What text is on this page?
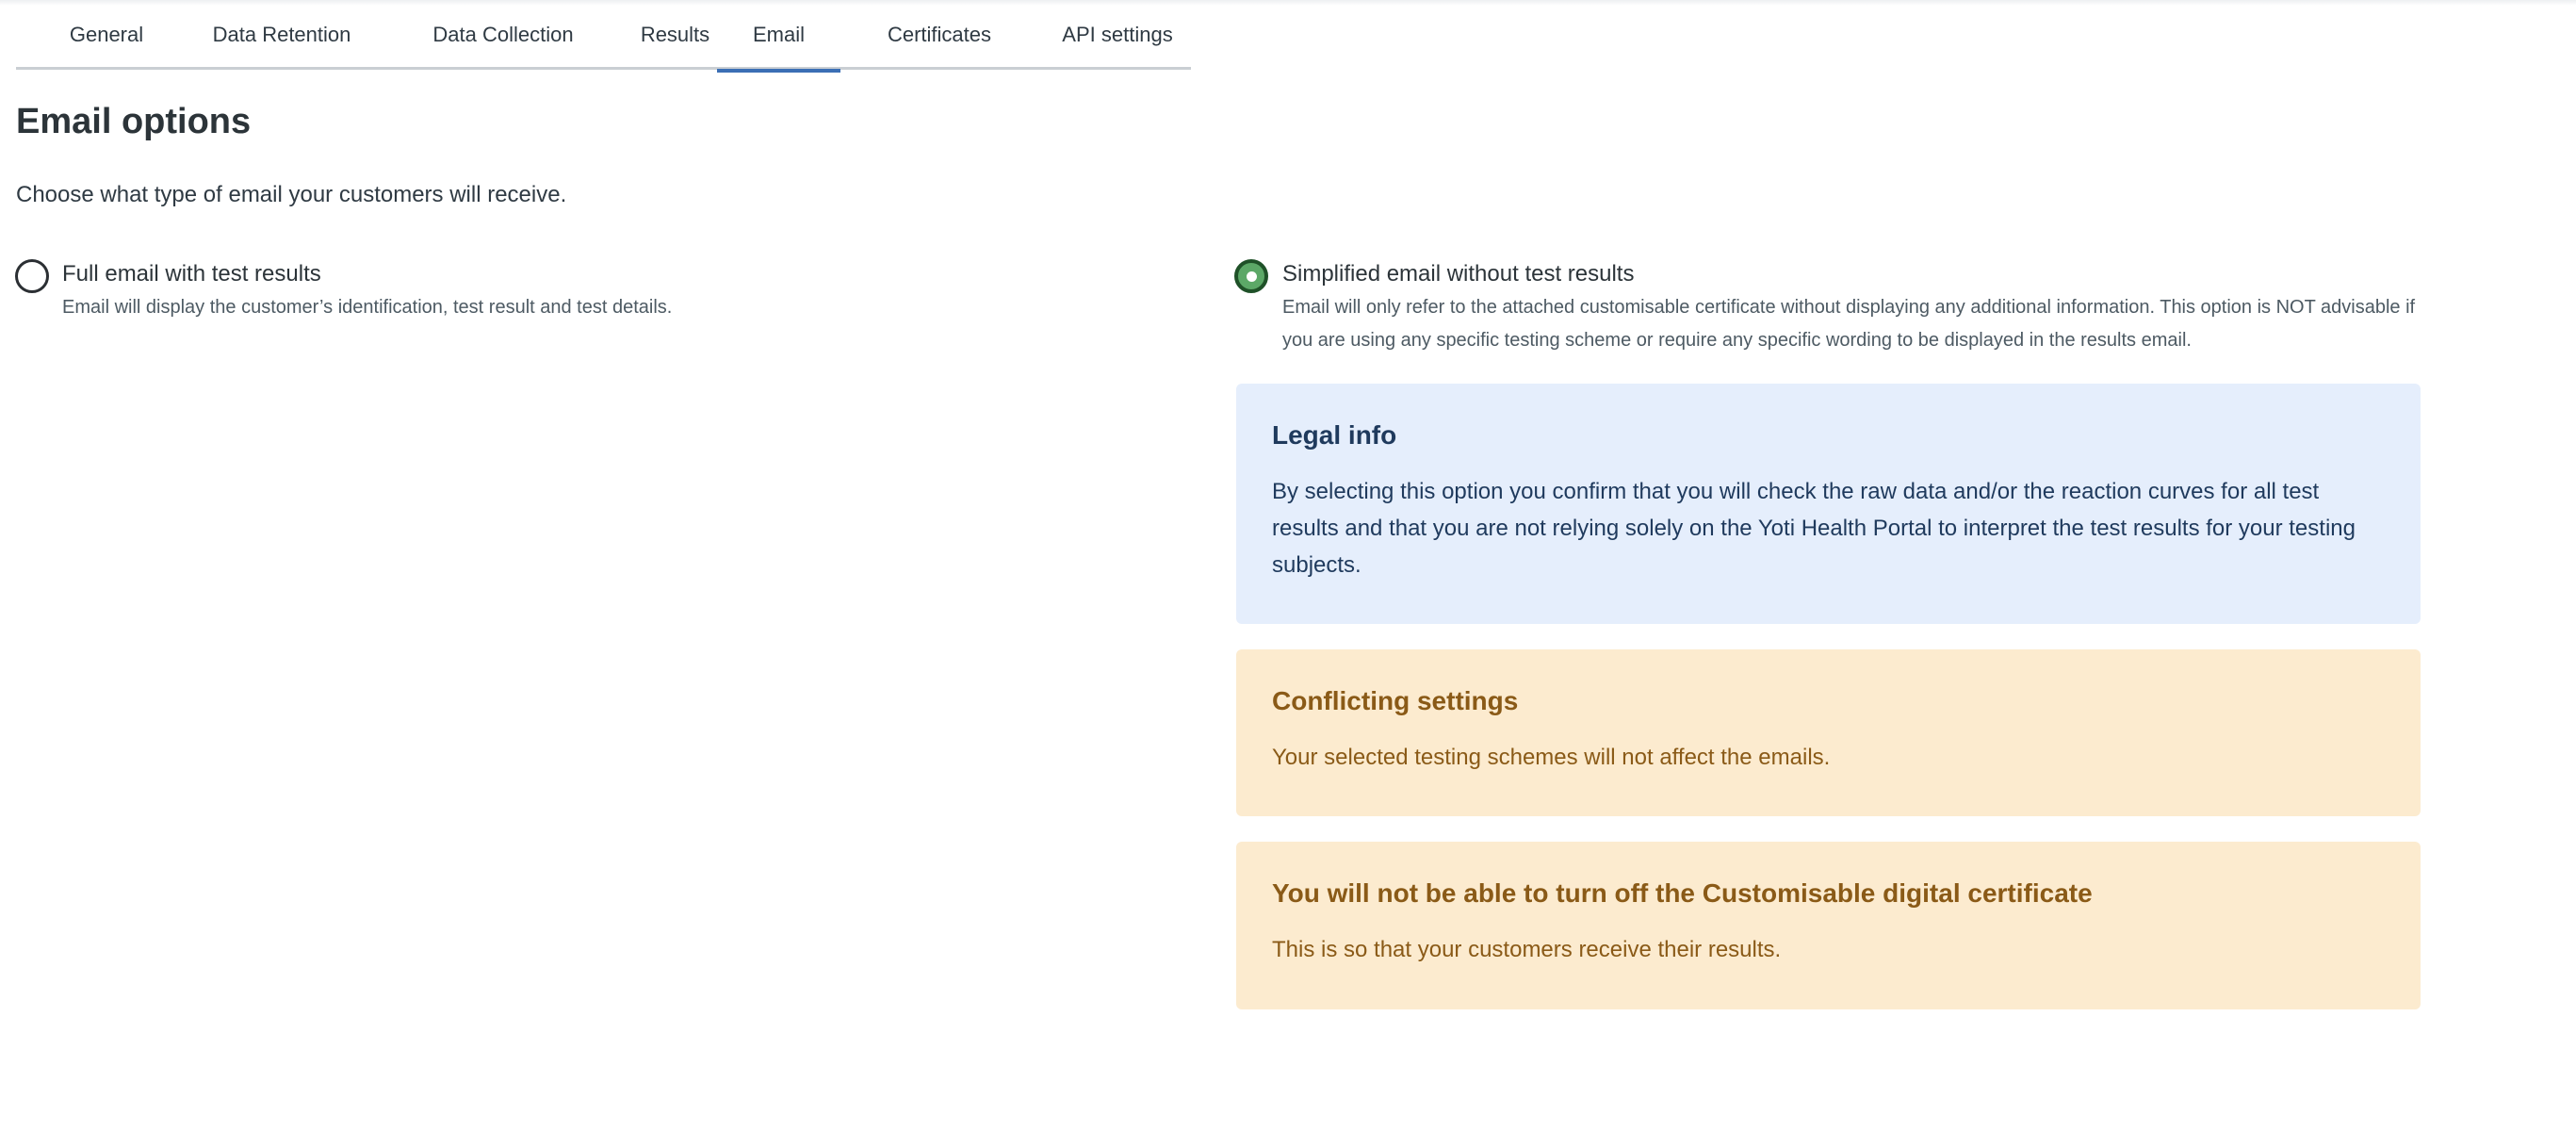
General	Data Retention	Data Collection	Results	Email	Certificates	API settings
Email options

Choose what type of email your customers will receive.

Full email with test results
Email will display the customer’s identification, test result and test details.
Simplified email without test results
Email will only refer to the attached customisable certificate without displaying any additional information. This option is NOT advisable if you are using any specific testing scheme or require any specific wording to be displayed in the results email.
Legal info
By selecting this option you confirm that you will check the raw data and/or the reaction curves for all test results and that you are not relying solely on the Yoti Health Portal to interpret the test results for your testing subjects.
Conflicting settings
Your selected testing schemes will not affect the emails.
You will not be able to turn off the Customisable digital certificate
This is so that your customers receive their results.
